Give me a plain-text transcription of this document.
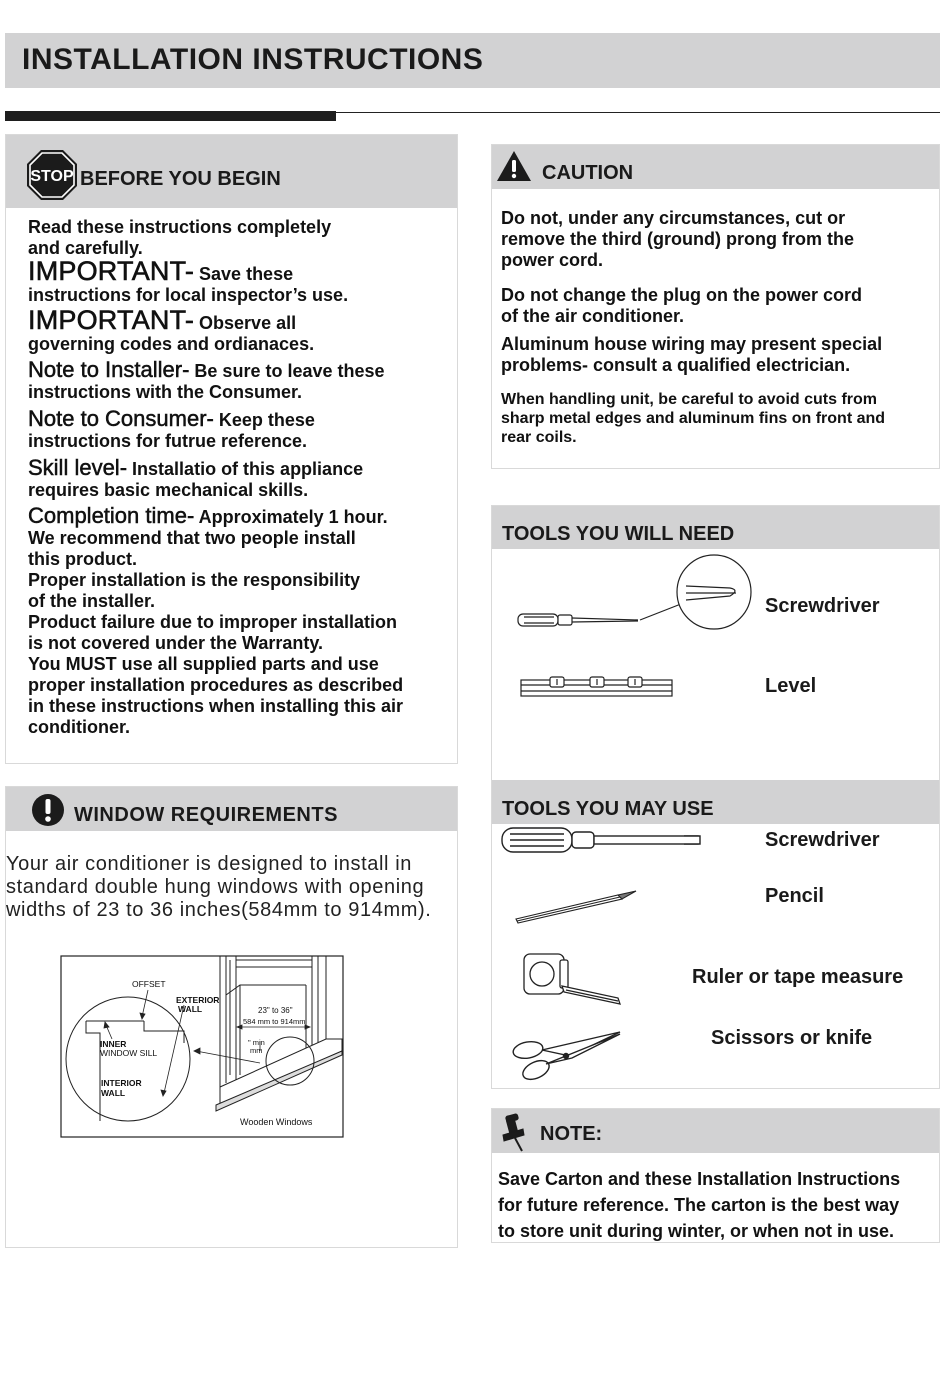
INSTALLATION INSTRUCTIONS
STOP BEFORE YOU BEGIN
Read these instructions completely
and carefully.
IMPORTANT- Save these
instructions for local inspector’s use.
IMPORTANT- Observe all
governing codes and ordianaces.
Note to Installer- Be sure to leave these
instructions with the Consumer.
Note to Consumer- Keep these
instructions for futrue reference.
Skill level- Installatio of this appliance
requires basic mechanical skills.
Completion time- Approximately 1 hour.
We recommend that two people install
this product.
Proper installation is the responsibility
of the installer.
Product failure due to improper installation
is not covered under the Warranty.
You MUST use all supplied parts and use
proper installation procedures as described
in these instructions when installing this air
conditioner.
WINDOW REQUIREMENTS
Your air conditioner is designed to install in
standard double hung windows with opening
widths of 23 to 36 inches(584mm to 914mm).
OFFSET
EXTERIOR
WALL
INNER
WINDOW SILL
INTERIOR
WALL
23" to 36"
584 mm to 914mm
" min
mm
Wooden Windows
CAUTION
Do not, under any circumstances, cut or
remove the third (ground) prong from the
power cord.
Do not change the plug on the power cord
of the air conditioner.
Aluminum house wiring may present special
problems- consult a qualified electrician.
When handling unit, be careful to avoid cuts from
sharp metal edges and aluminum fins on front and
rear coils.
TOOLS YOU WILL NEED
Screwdriver
Level
TOOLS YOU MAY USE
Screwdriver
Pencil
Ruler or tape measure
Scissors or knife
NOTE:
Save Carton and these Installation Instructions
for future reference. The carton is the best way
to store unit during winter, or when not in use.
